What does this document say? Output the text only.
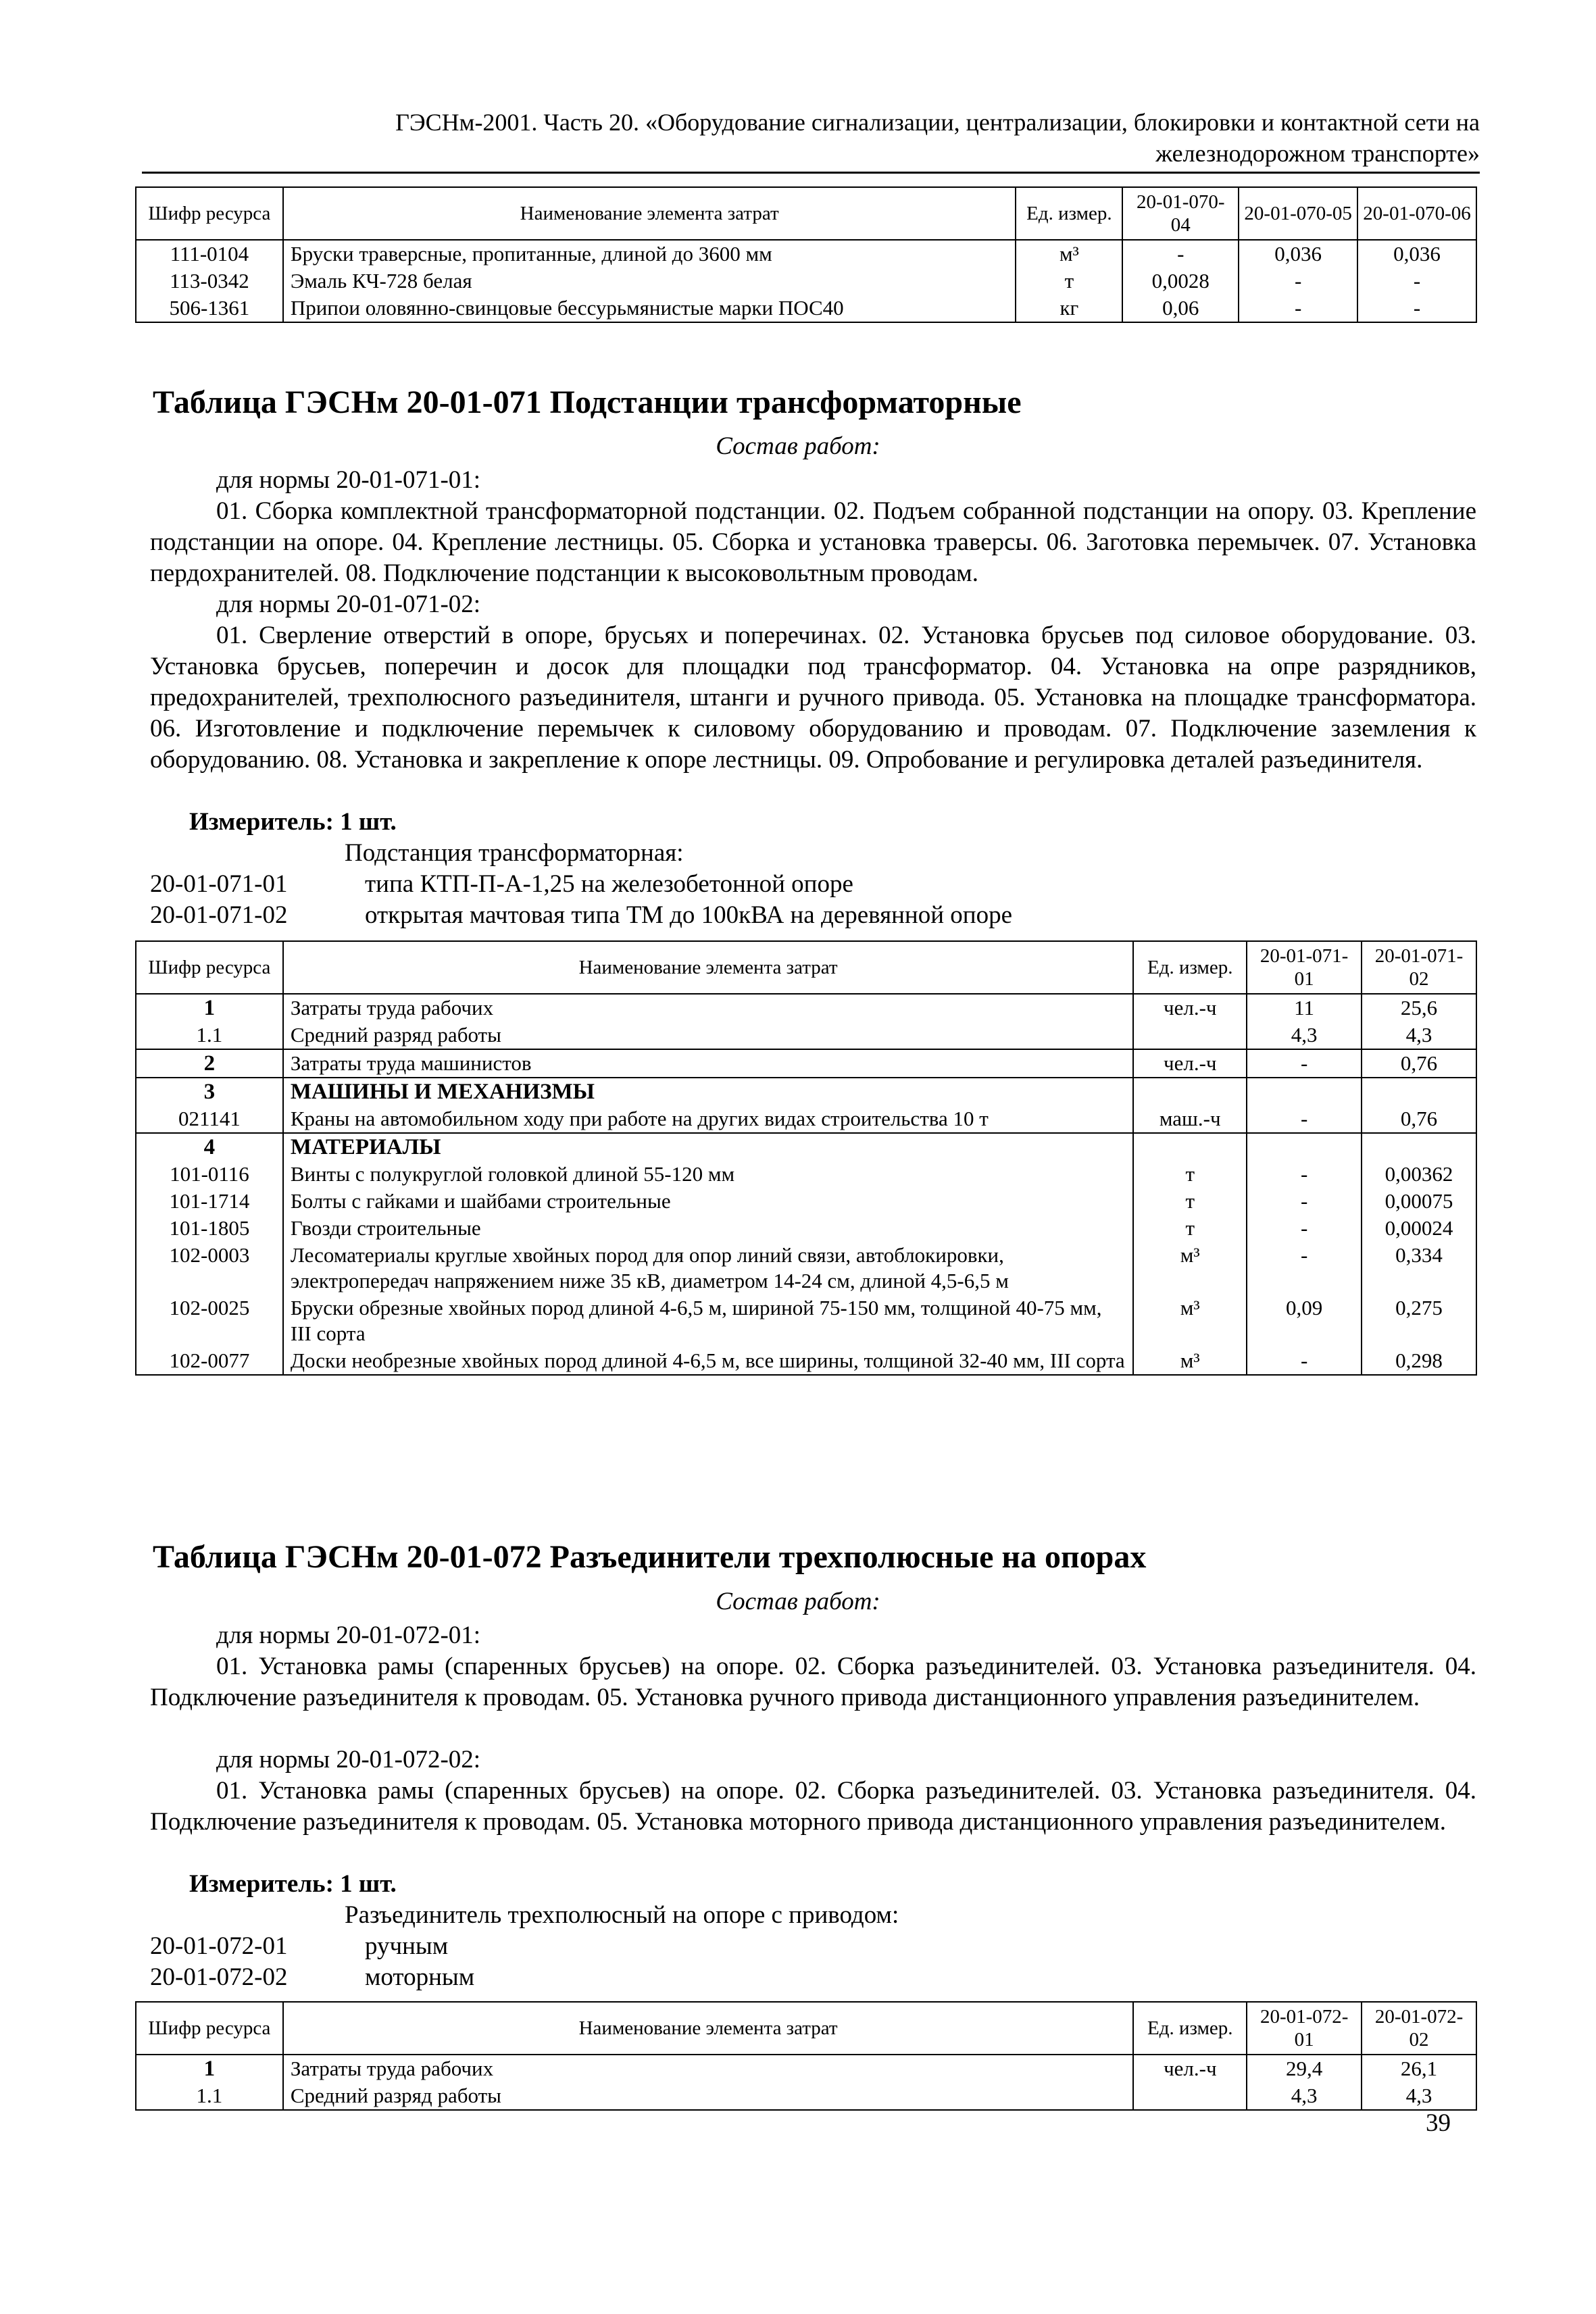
ГЭСНм-2001. Часть 20. «Оборудование сигнализации, централизации, блокировки и контактной сети на
железнодорожном транспорте»
Шифр ресурса	Наименование элемента затрат	Ед. измер.	20-01-070-04	20-01-070-05	20-01-070-06
111-0104	Бруски траверсные, пропитанные, длиной до 3600 мм	м³	-	0,036	0,036
113-0342	Эмаль КЧ-728 белая	т	0,0028	-	-
506-1361	Припои оловянно-свинцовые бессурьмянистые марки ПОС40	кг	0,06	-	-
Таблица ГЭСНм 20-01-071 Подстанции трансформаторные
Состав работ:
для нормы 20-01-071-01:
01. Сборка комплектной трансформаторной подстанции. 02. Подъем собранной подстанции на опору. 03. Крепление подстанции на опоре. 04. Крепление лестницы. 05. Сборка и установка траверсы. 06. Заготовка перемычек. 07. Установка пердохранителей. 08. Подключение подстанции к высоковольтным проводам.
для нормы 20-01-071-02:
01. Сверление отверстий в опоре, брусьях и поперечинах. 02. Установка брусьев под силовое оборудование. 03. Установка брусьев, поперечин и досок для площадки под трансформатор. 04. Установка на опре разрядников, предохранителей, трехполюсного разъединителя, штанги и ручного привода. 05. Установка на площадке трансформатора. 06. Изготовление и подключение перемычек к силовому оборудованию и проводам. 07. Подключение заземления к оборудованию. 08. Установка и закрепление к опоре лестницы. 09. Опробование и регулировка деталей разъединителя.
Измеритель: 1 шт.
Подстанция трансформаторная:
20-01-071-01	типа КТП-П-А-1,25 на железобетонной опоре
20-01-071-02	открытая мачтовая типа ТМ до 100кВА на деревянной опоре
Шифр ресурса	Наименование элемента затрат	Ед. измер.	20-01-071-01	20-01-071-02
1	Затраты труда рабочих	чел.-ч	11	25,6
1.1	Средний разряд работы		4,3	4,3
2	Затраты труда машинистов	чел.-ч	-	0,76
3	МАШИНЫ И МЕХАНИЗМЫ			
021141	Краны на автомобильном ходу при работе на других видах строительства 10 т	маш.-ч	-	0,76
4	МАТЕРИАЛЫ			
101-0116	Винты с полукруглой головкой длиной 55-120 мм	т	-	0,00362
101-1714	Болты с гайками и шайбами строительные	т	-	0,00075
101-1805	Гвозди строительные	т	-	0,00024
102-0003	Лесоматериалы круглые хвойных пород для опор линий связи, автоблокировки, электропередач напряжением ниже 35 кВ, диаметром 14-24 см, длиной 4,5-6,5 м	м³	-	0,334
102-0025	Бруски обрезные хвойных пород длиной 4-6,5 м, шириной 75-150 мм, толщиной 40-75 мм, III сорта	м³	0,09	0,275
102-0077	Доски необрезные хвойных пород длиной 4-6,5 м, все ширины, толщиной 32-40 мм, III сорта	м³	-	0,298
Таблица ГЭСНм 20-01-072 Разъединители трехполюсные на опорах
Состав работ:
для нормы 20-01-072-01:
01. Установка рамы (спаренных брусьев) на опоре. 02. Сборка разъединителей. 03. Установка разъединителя. 04. Подключение разъединителя к проводам. 05. Установка ручного привода дистанционного управления разъединителем.
для нормы 20-01-072-02:
01. Установка рамы (спаренных брусьев) на опоре. 02. Сборка разъединителей. 03. Установка разъединителя. 04. Подключение разъединителя к проводам. 05. Установка моторного привода дистанционного управления разъединителем.
Измеритель: 1 шт.
Разъединитель трехполюсный на опоре с приводом:
20-01-072-01	ручным
20-01-072-02	моторным
Шифр ресурса	Наименование элемента затрат	Ед. измер.	20-01-072-01	20-01-072-02
1	Затраты труда рабочих	чел.-ч	29,4	26,1
1.1	Средний разряд работы		4,3	4,3
39
